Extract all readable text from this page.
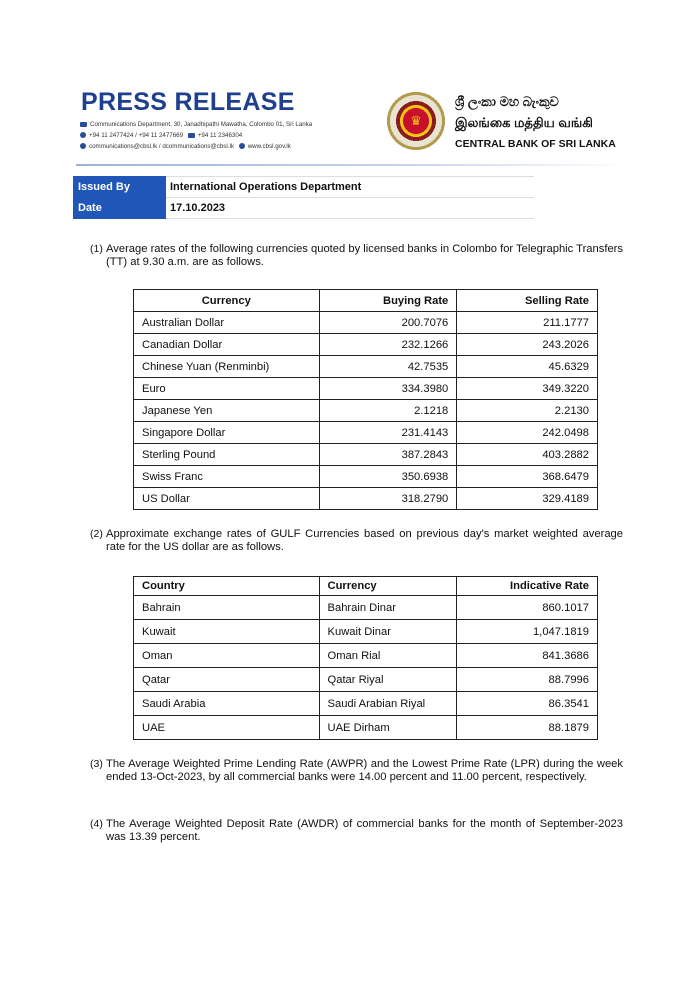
PRESS RELEASE
Communications Department, 30, Janadhipathi Mawatha, Colombo 01, Sri Lanka
+94 11 2477424 / +94 11 2477669 +94 11 2346304
communications@cbsl.lk / dcommunications@cbsl.lk www.cbsl.gov.lk
♛
ශ්‍රී ලංකා මහ බැංකුව
இலங்கை மத்திய வங்கி
CENTRAL BANK OF SRI LANKA
Issued By	International Operations Department
Date	17.10.2023
(1) Average rates of the following currencies quoted by licensed banks in Colombo for Telegraphic Transfers (TT) at 9.30 a.m. are as follows.
Currency	Buying Rate	Selling Rate
Australian Dollar	200.7076	211.1777
Canadian Dollar	232.1266	243.2026
Chinese Yuan (Renminbi)	42.7535	45.6329
Euro	334.3980	349.3220
Japanese Yen	2.1218	2.2130
Singapore Dollar	231.4143	242.0498
Sterling Pound	387.2843	403.2882
Swiss Franc	350.6938	368.6479
US Dollar	318.2790	329.4189
(2) Approximate exchange rates of GULF Currencies based on previous day's market weighted average rate for the US dollar are as follows.
Country	Currency	Indicative Rate
Bahrain	Bahrain Dinar	860.1017
Kuwait	Kuwait Dinar	1,047.1819
Oman	Oman Rial	841.3686
Qatar	Qatar Riyal	88.7996
Saudi Arabia	Saudi Arabian Riyal	86.3541
UAE	UAE Dirham	88.1879
(3) The Average Weighted Prime Lending Rate (AWPR) and the Lowest Prime Rate (LPR) during the week ended 13-Oct-2023, by all commercial banks were 14.00 percent and 11.00 percent, respectively.
(4) The Average Weighted Deposit Rate (AWDR) of commercial banks for the month of September-2023 was 13.39 percent.
